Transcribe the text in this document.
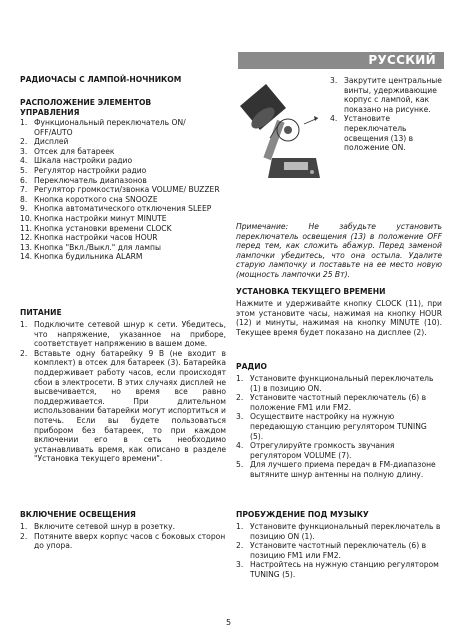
РУССКИЙ
РАДИОЧАСЫ С ЛАМПОЙ-НОЧНИКОМ
РАСПОЛОЖЕНИЕ ЭЛЕМЕНТОВ
УПРАВЛЕНИЯ
1. Функциональный переключатель ON/ OFF/AUTO
2. Дисплей
3. Отсек для батареек
4. Шкала настройки радио
5. Регулятор настройки радио
6. Переключатель диапазонов
7. Регулятор громкости/звонка VOLUME/ BUZZER
8. Кнопка короткого сна SNOOZE
9. Кнопка автоматического отключения SLEEP
10. Кнопка настройки минут MINUTE
11. Кнопка установки времени CLOCK
12. Кнопка настройки часов HOUR
13. Кнопка "Вкл./Выкл." для лампы
14. Кнопка будильника ALARM
ПИТАНИЕ
1. Подключите сетевой шнур к сети. Убедитесь, что напряжение, указанное на приборе, соответствует напряжению в вашем доме.
2. Вставьте одну батарейку 9 В (не входит в комплект) в отсек для батареек (3). Батарейка поддерживает работу часов, если происходят сбои в электросети. В этих случаях дисплей не высвечивается, но время все равно поддерживается. При длительном использовании батарейки могут испортиться и потечь. Если вы будете пользоваться прибором без батареек, то при каждом включении его в сеть необходимо устанавливать время, как описано в разделе "Установка текущего времени".
ВКЛЮЧЕНИЕ ОСВЕЩЕНИЯ
1. Включите сетевой шнур в розетку.
2. Потяните вверх корпус часов с боковых сторон до упора.
3. Закрутите центральные винты, удерживающие корпус с лампой, как показано на рисунке.
4. Установите переключатель освещения (13) в положение ON.
Примечание: Не забудьте установить переключатель освещения (13) в положение OFF перед тем, как сложить абажур. Перед заменой лампочки убедитесь, что она остыла. Удалите старую лампочку и поставьте на ее место новую (мощность лампочки 25 Вт).
УСТАНОВКА ТЕКУЩЕГО ВРЕМЕНИ
Нажмите и удерживайте кнопку CLOCK (11), при этом установите часы, нажимая на кнопку HOUR (12) и минуты, нажимая на кнопку MINUTE (10). Текущее время будет показано на дисплее (2).
РАДИО
1. Установите функциональный переключатель (1) в позицию ON.
2. Установите частотный переключатель (6) в положение FM1 или FM2.
3. Осуществите настройку на нужную передающую станцию регулятором TUNING (5).
4. Отрегулируйте громкость звучания регулятором VOLUME (7).
5. Для лучшего приема передач в FM-диапазоне вытяните шнур антенны на полную длину.
ПРОБУЖДЕНИЕ ПОД МУЗЫКУ
1. Установите функциональный переключатель в позицию ON (1).
2. Установите частотный переключатель (6) в позицию FM1 или FM2.
3. Настройтесь на нужную станцию регулятором TUNING (5).
5
